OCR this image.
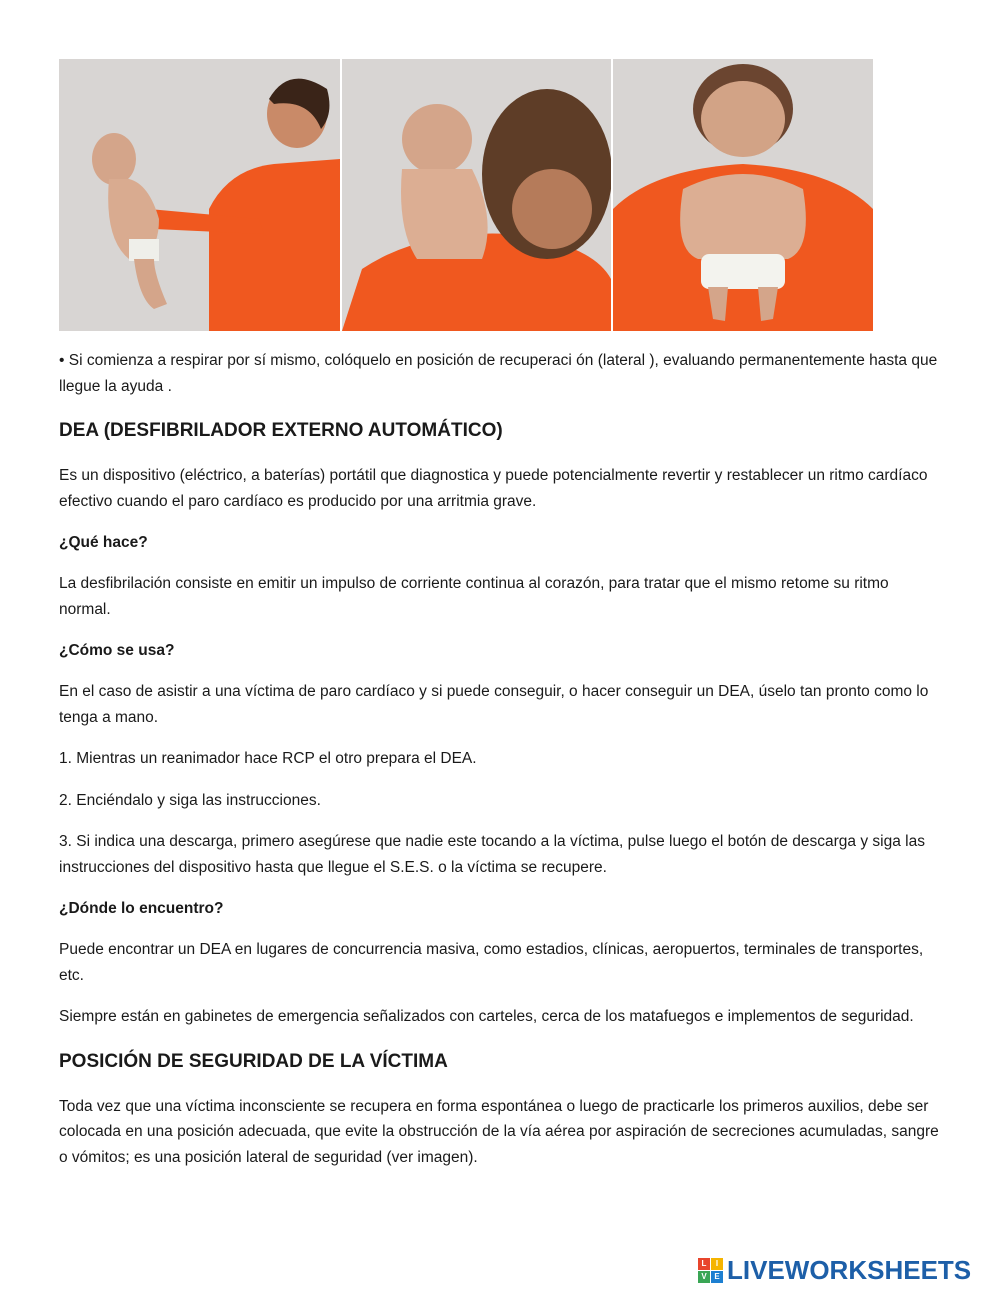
• Si comienza a respirar por sí mismo, colóquelo en posición de recuperaci ón (lateral ), evaluando permanentemente hasta que llegue la ayuda .

DEA (DESFIBRILADOR EXTERNO AUTOMÁTICO)

Es un dispositivo (eléctrico, a baterías) portátil que diagnostica y puede potencialmente revertir y restablecer un ritmo cardíaco efectivo cuando el paro cardíaco es producido por una arritmia grave.

¿Qué hace?

La desfibrilación consiste en emitir un impulso de corriente continua al corazón, para tratar que el mismo retome su ritmo normal.

¿Cómo se usa?

En el caso de asistir a una víctima de paro cardíaco y si puede conseguir, o hacer conseguir un DEA, úselo tan pronto como lo tenga a mano.

1. Mientras un reanimador hace RCP el otro prepara el DEA.

2. Enciéndalo y siga las instrucciones.

3. Si indica una descarga, primero asegúrese que nadie este tocando a la víctima, pulse luego el botón de descarga y siga las instrucciones del dispositivo hasta que llegue el S.E.S. o la víctima se recupere.

¿Dónde lo encuentro?

Puede encontrar un DEA en lugares de concurrencia masiva, como estadios, clínicas, aeropuertos, terminales de transportes, etc.

Siempre están en gabinetes de emergencia señalizados con carteles, cerca de los matafuegos e implementos de seguridad.

POSICIÓN DE SEGURIDAD DE LA VÍCTIMA

Toda vez que una víctima inconsciente se recupera en forma espontánea o luego de practicarle los primeros auxilios, debe ser colocada en una posición adecuada, que evite la obstrucción de la vía aérea por aspiración de secreciones acumuladas, sangre o vómitos; es una posición lateral de seguridad (ver imagen).

L	I
V E LIVEWORKSHEETS
